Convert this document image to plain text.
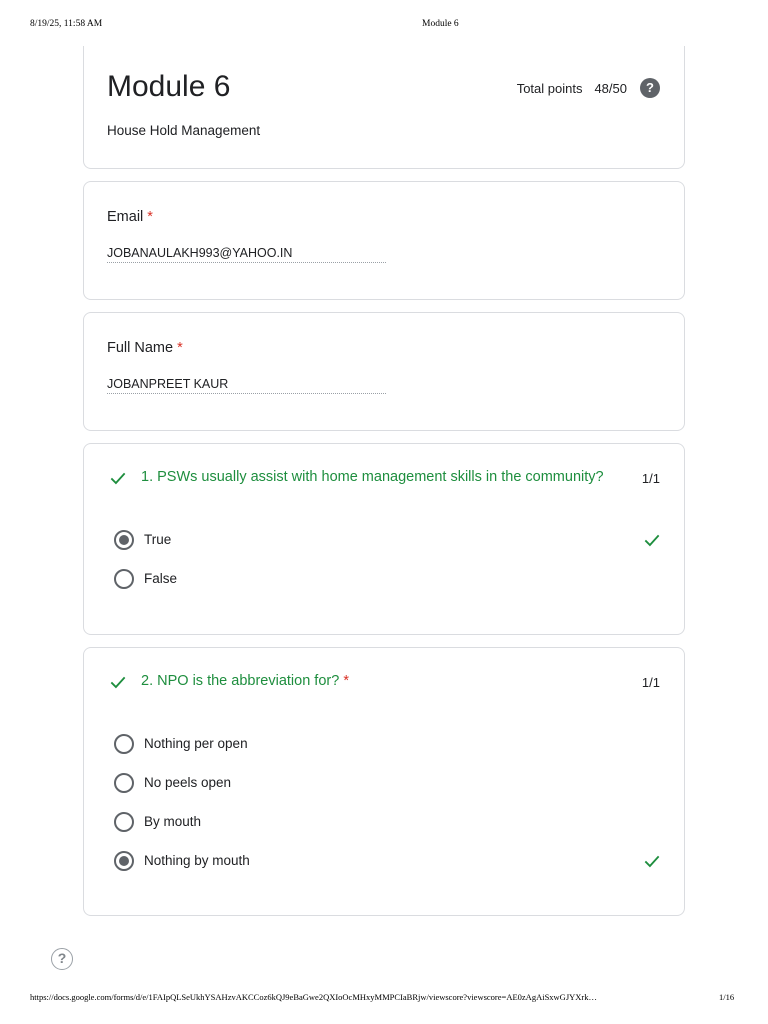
8/19/25, 11:58 AM	Module 6
Module 6
House Hold Management
Total points 48/50	?
Email *
JOBANAULAKH993@YAHOO.IN
Full Name *
JOBANPREET KAUR
1. PSWs usually assist with home management skills in the community?	1/1
True
False
2. NPO is the abbreviation for? *	1/1
Nothing per open
No peels open
By mouth
Nothing by mouth
?
https://docs.google.com/forms/d/e/1FAIpQLSeUkhYSAHzvAKCCoz6kQJ9eBaGwe2QXIoOcMHxyMMPCIaBRjw/viewscore?viewscore=AE0zAgAiSxwGJYXrk…	1/16
